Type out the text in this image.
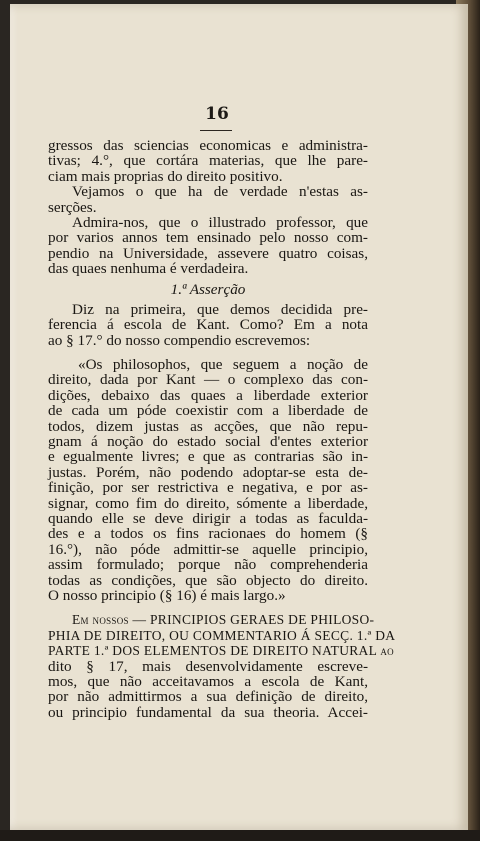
16
gressos das sciencias economicas e administra-
tivas; 4.°, que cortára materias, que lhe pare-
ciam mais proprias do direito positivo.
Vejamos o que ha de verdade n'estas as-
serções.
Admira-nos, que o illustrado professor, que
por varios annos tem ensinado pelo nosso com-
pendio na Universidade, assevere quatro coisas,
das quaes nenhuma é verdadeira.
1.ª Asserção
Diz na primeira, que demos decidida pre-
ferencia á escola de Kant. Como? Em a nota
ao § 17.° do nosso compendio escrevemos:
«Os philosophos, que seguem a noção de
direito, dada por Kant — o complexo das con-
dições, debaixo das quaes a liberdade exterior
de cada um póde coexistir com a liberdade de
todos, dizem justas as acções, que não repu-
gnam á noção do estado social d'entes exterior
e egualmente livres; e que as contrarias são in-
justas. Porém, não podendo adoptar-se esta de-
finição, por ser restrictiva e negativa, e por as-
signar, como fim do direito, sómente a liberdade,
quando elle se deve dirigir a todas as faculda-
des e a todos os fins racionaes do homem (§
16.°), não póde admittir-se aquelle principio,
assim formulado; porque não comprehenderia
todas as condições, que são objecto do direito.
O nosso principio (§ 16) é mais largo.»
Em nossos — PRINCIPIOS GERAES DE PHILOSO-
PHIA DE DIREITO, OU COMMENTARIO Á SECÇ. 1.ª DA
PARTE 1.ª DOS ELEMENTOS DE DIREITO NATURAL ao
dito § 17, mais desenvolvidamente escreve-
mos, que não acceitavamos a escola de Kant,
por não admittirmos a sua definição de direito,
ou principio fundamental da sua theoria. Accei-
